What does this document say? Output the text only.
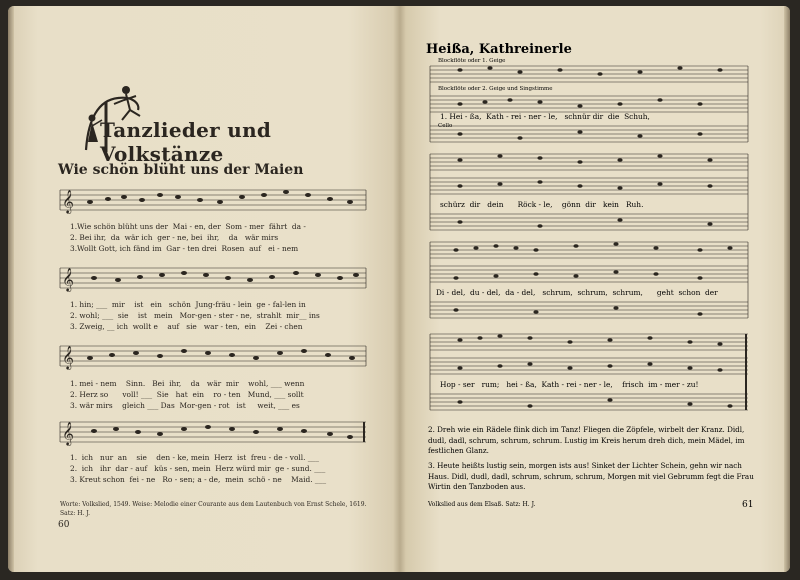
Tanzlieder und Volkstänze
Wie schön blüht uns der Maien
𝄞
1.Wie schön blüht uns der  Mai - en, der  Som - mer  fährt  da -
2. Bei ihr,  da  wär ich  ger - ne, bei  ihr,    da   wär mirs
3.Wollt Gott, ich fänd im  Gar - ten drei  Rosen  auf   ei - nem
𝄞
1. hin; ___  mir    ist   ein   schön  Jung-fräu - lein  ge - fal-len in
2. wohl; ___  sie    ist   mein   Mor-gen - ster - ne,  strahlt  mir__ ins
3. Zweig, __ ich  wollt e    auf   sie   war - ten,  ein    Zei - chen
𝄞
1. mei - nem    Sinn.   Bei  ihr,    da   wär  mir    wohl, ___ wenn
2. Herz so      voll! ___  Sie   hat  ein    ro - ten   Mund, ___ sollt
3. wär mirs    gleich ___ Das  Mor-gen - rot   ist     weit, ___ es
𝄞
1.  ich   nur  an    sie    den - ke, mein  Herz  ist  freu - de - voll. ___
2.  ich   ihr  dar - auf   küs - sen, mein  Herz würd mir  ge - sund. ___
3. Kreut schon  fei - ne   Ro - sen; a - de,  mein  schö - ne    Maid. ___
Worte: Volkslied, 1549. Weise: Melodie einer Courante aus dem Lautenbuch von Ernst Schele, 1619.
Satz: H. J.
60
Heißa, Kathreinerle
Blockflöte oder 1. Geige
Blockflöte oder 2. Geige und Singstimme
1. Hei - ßa,  Kath - rei - ner - le,   schnür dir  die  Schuh,
Cello
schürz  dir   dein      Röck - le,    gönn  dir   kein   Ruh.
Di - del,  du - del,  da - del,   schrum,  schrum,  schrum,      geht  schon  der
Hop - ser   rum;   hei - ßa,  Kath - rei - ner - le,    frisch  im - mer - zu!
2. Dreh wie ein Rädele flink dich im Tanz! Fliegen die Zöpfele, wirbelt der Kranz. Didl, dudl, dadl, schrum, schrum, schrum. Lustig im Kreis herum dreh dich, mein Mädel, im festlichen Glanz.
3. Heute heißts lustig sein, morgen ists aus! Sinket der Lichter Schein, gehn wir nach Haus. Didl, dudl, dadl, schrum, schrum, schrum, Morgen mit viel Gebrumm fegt die Frau Wirtin den Tanzboden aus.
Volkslied aus dem Elsaß. Satz: H. J.	61
